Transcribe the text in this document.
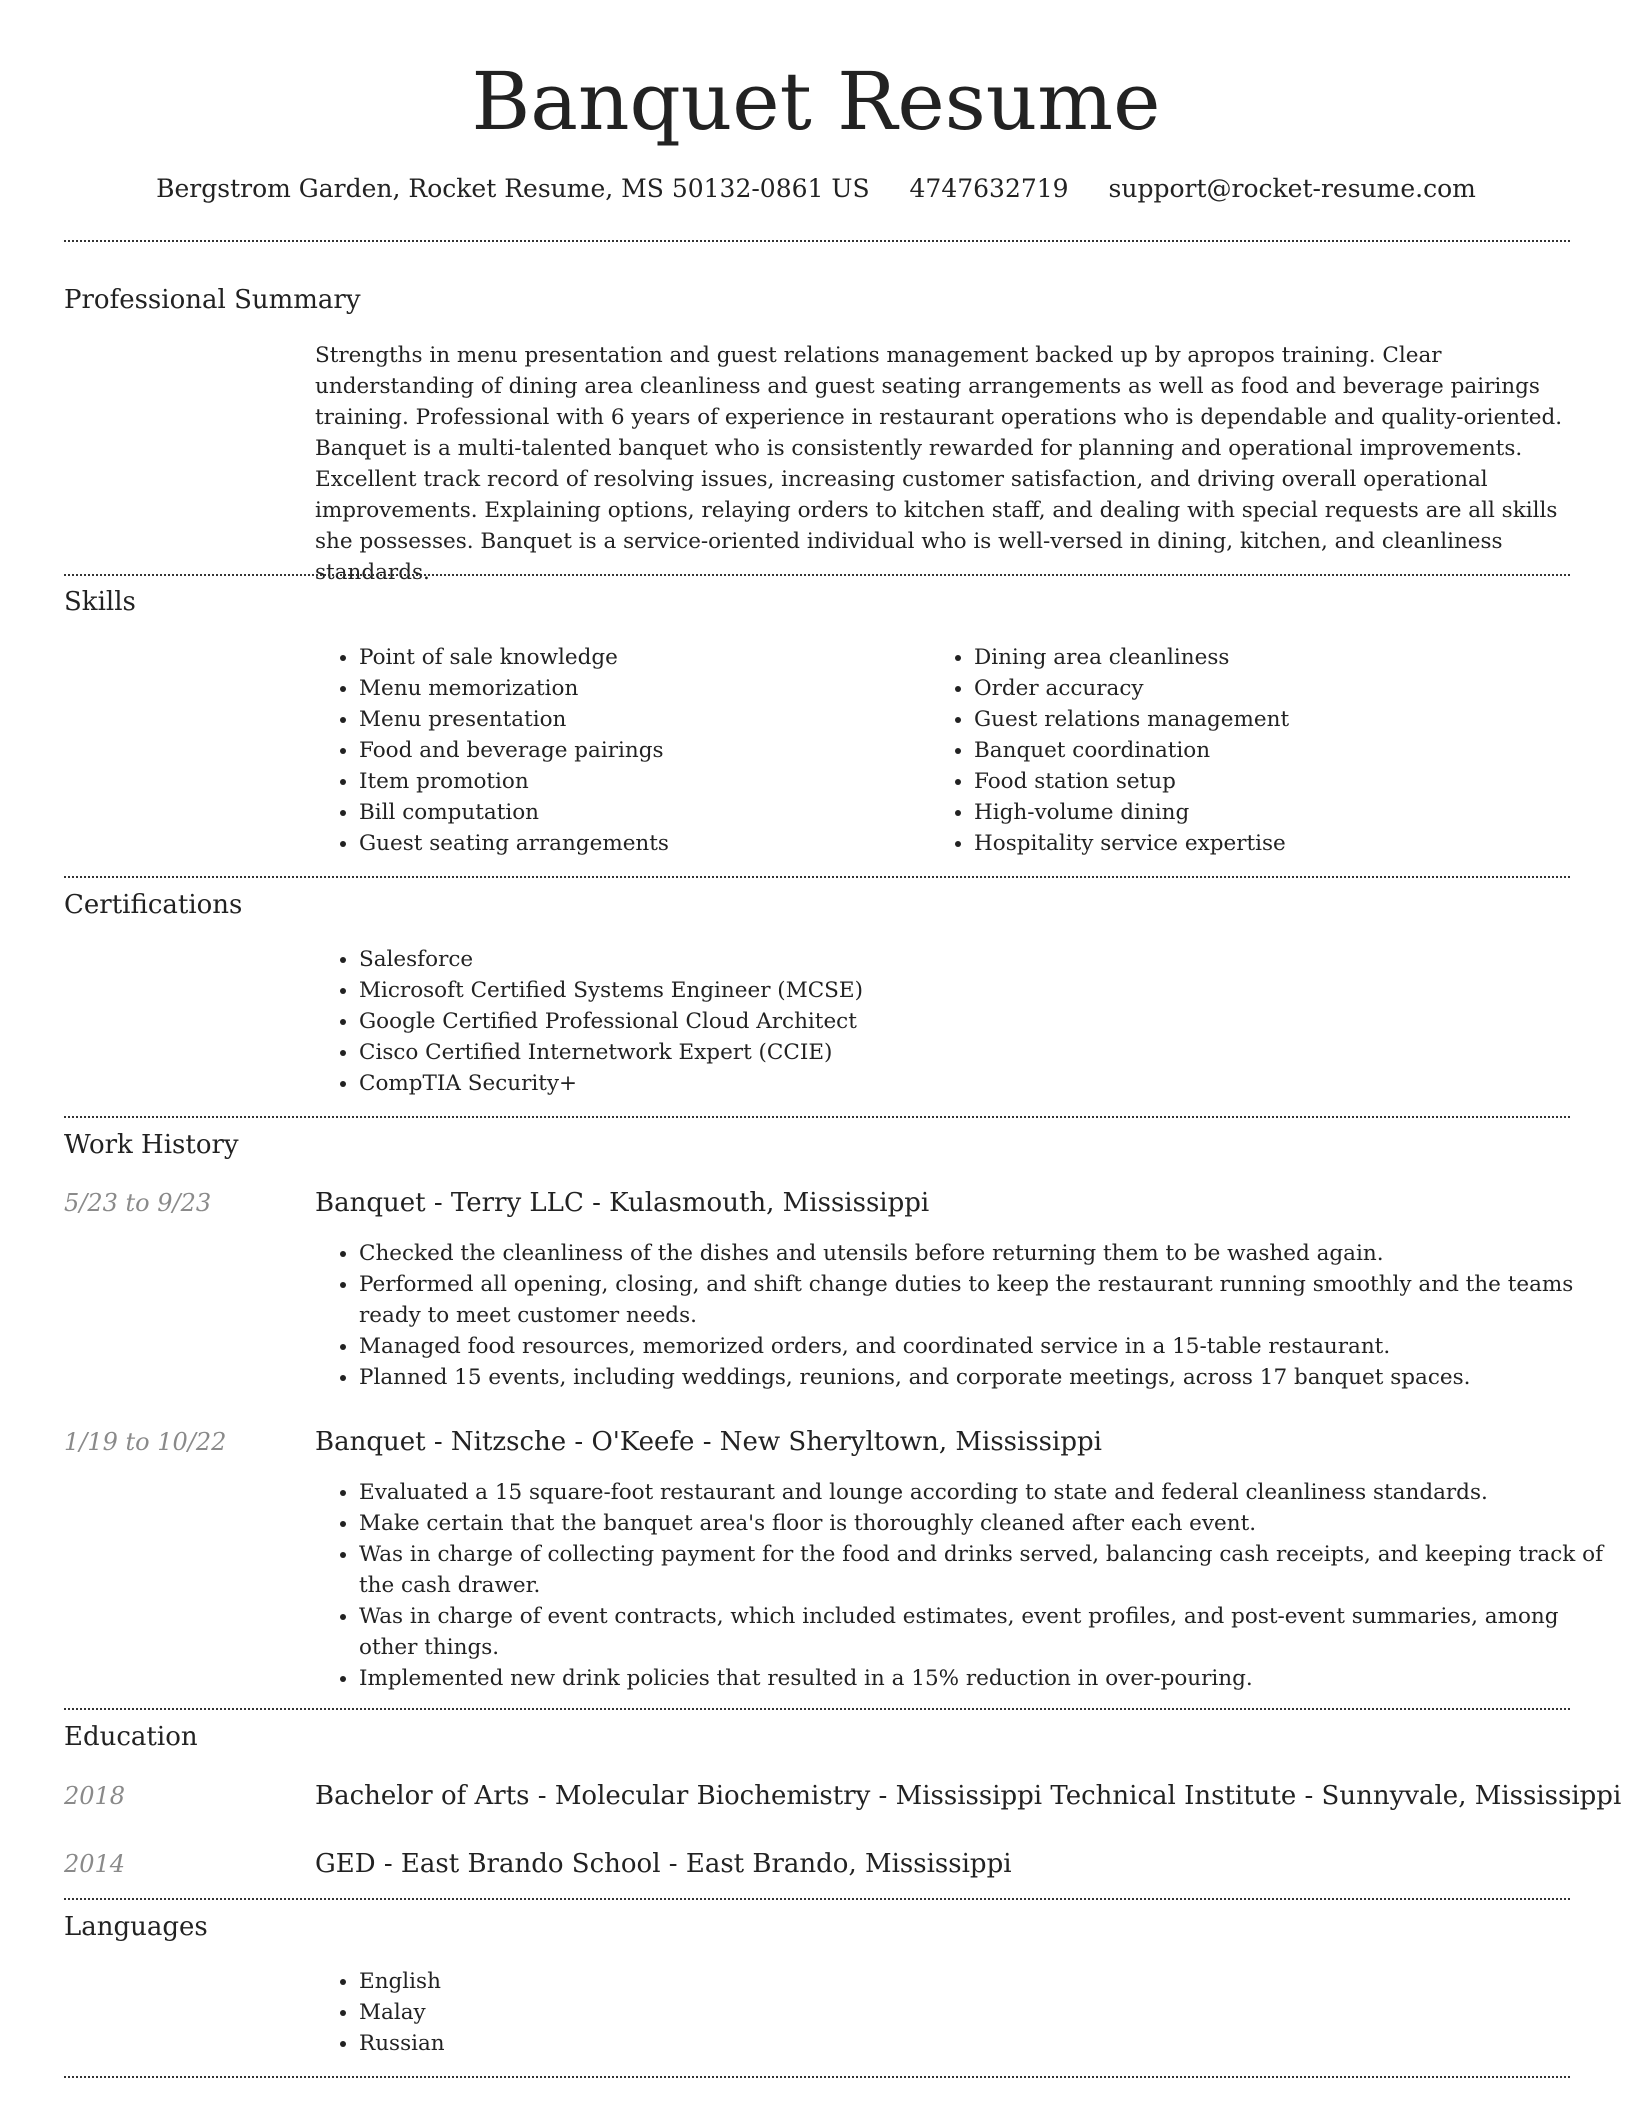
Banquet Resume
Bergstrom Garden, Rocket Resume, MS 50132-0861 US 4747632719 support@rocket-resume.com
Professional Summary
Strengths in menu presentation and guest relations management backed up by apropos training. Clear understanding of dining area cleanliness and guest seating arrangements as well as food and beverage pairings training. Professional with 6 years of experience in restaurant operations who is dependable and quality-oriented. Banquet is a multi-talented banquet who is consistently rewarded for planning and operational improvements. Excellent track record of resolving issues, increasing customer satisfaction, and driving overall operational improvements. Explaining options, relaying orders to kitchen staff, and dealing with special requests are all skills she possesses. Banquet is a service-oriented individual who is well-versed in dining, kitchen, and cleanliness standards.
Skills
• Point of sale knowledge
• Menu memorization
• Menu presentation
• Food and beverage pairings
• Item promotion
• Bill computation
• Guest seating arrangements
• Dining area cleanliness
• Order accuracy
• Guest relations management
• Banquet coordination
• Food station setup
• High-volume dining
• Hospitality service expertise
Certifications
• Salesforce
• Microsoft Certified Systems Engineer (MCSE)
• Google Certified Professional Cloud Architect
• Cisco Certified Internetwork Expert (CCIE)
• CompTIA Security+
Work History
5/23 to 9/23	Banquet - Terry LLC - Kulasmouth, Mississippi
• Checked the cleanliness of the dishes and utensils before returning them to be washed again.
• Performed all opening, closing, and shift change duties to keep the restaurant running smoothly and the teams ready to meet customer needs.
• Managed food resources, memorized orders, and coordinated service in a 15-table restaurant.
• Planned 15 events, including weddings, reunions, and corporate meetings, across 17 banquet spaces.
1/19 to 10/22	Banquet - Nitzsche - O'Keefe - New Sheryltown, Mississippi
• Evaluated a 15 square-foot restaurant and lounge according to state and federal cleanliness standards.
• Make certain that the banquet area's floor is thoroughly cleaned after each event.
• Was in charge of collecting payment for the food and drinks served, balancing cash receipts, and keeping track of the cash drawer.
• Was in charge of event contracts, which included estimates, event profiles, and post-event summaries, among other things.
• Implemented new drink policies that resulted in a 15% reduction in over-pouring.
Education
2018	Bachelor of Arts - Molecular Biochemistry - Mississippi Technical Institute - Sunnyvale, Mississippi
2014	GED - East Brando School - East Brando, Mississippi
Languages
• English
• Malay
• Russian
